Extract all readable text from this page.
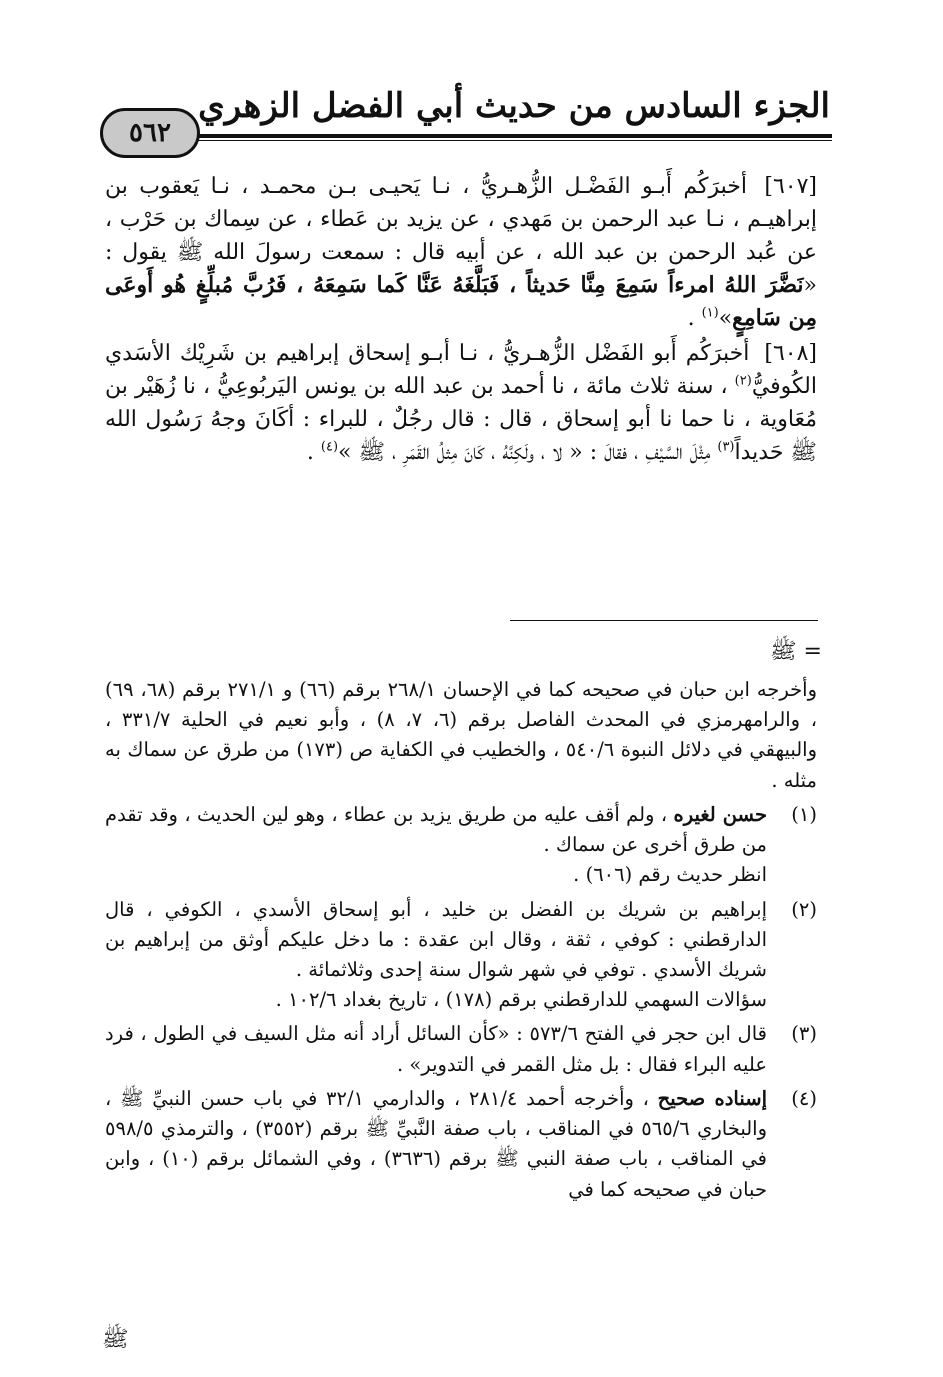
الجزء السادس من حديث أبي الفضل الزهري
٥٦٢

[٦٠٧] أخبرَكُم أَبـو الفَضْـل الزُّهـريُّ ، نـا يَحيـى بـن محمـد ، نـا يَعقوب بن إبراهيـم ، نـا عبد الرحمن بن مَهدي ، عن يزيد بن عَطاء ، عن سِماك بن حَرْب ، عن عُبد الرحمن بن عبد الله ، عن أبيه قال : سمعت رسولَ الله ﷺ يقول : «نَضَّرَ اللهُ امرءاً سَمِعَ مِنَّا حَديثاً ، فَبَلَّغَهُ عَنَّا كَما سَمِعَهُ ، فَرُبَّ مُبلِّغٍ هُو أَوعَى مِن سَامِعٍ»$^{(١)}$ .

[٦٠٨] أخبرَكُم أَبو الفَضْل الزُّهـريُّ ، نـا أبـو إسحاق إبراهيم بن شَرِيْك الأسَدي الكُوفيُّ$^{(٢)}$ ، سنة ثلاث مائة ، نا أحمد بن عبد الله بن يونس اليَربُوعِيُّ ، نا زُهَيْر بن مُعَاوية ، نا حما نا أبو إسحاق ، قال : قال رجُلٌ ، للبراء : أكَانَ وجهُ رَسُول الله ﷺ حَديداً$^{(٣)}$ مِثْلَ السَّيْفِ ، فقالَ : « لا ، ولَكِنَّهُ ، كَانَ مِثلُ القَمَرِ ، ﷺ »$^{(٤)}$ .

= ﷺ

وأخرجه ابن حبان في صحيحه كما في الإحسان ٢٦٨/١ برقم (٦٦) و ٢٧١/١ برقم (٦٨، ٦٩) ، والرامهرمزي في المحدث الفاصل برقم (٦، ٧، ٨) ، وأبو نعيم في الحلية ٣٣١/٧ ، والبيهقي في دلائل النبوة ٥٤٠/٦ ، والخطيب في الكفاية ص (١٧٣) من طرق عن سماك به مثله .

(١)

حسن لغيره ، ولم أقف عليه من طريق يزيد بن عطاء ، وهو لين الحديث ، وقد تقدم من طرق أخرى عن سماك .

انظر حديث رقم (٦٠٦) .

(٢)

إبراهيم بن شريك بن الفضل بن خليد ، أبو إسحاق الأسدي ، الكوفي ، قال الدارقطني : كوفي ، ثقة ، وقال ابن عقدة : ما دخل عليكم أوثق من إبراهيم بن شريك الأسدي . توفي في شهر شوال سنة إحدى وثلاثمائة .

سؤالات السهمي للدارقطني برقم (١٧٨) ، تاريخ بغداد ١٠٢/٦ .

(٣)

قال ابن حجر في الفتح ٥٧٣/٦ : «كأن السائل أراد أنه مثل السيف في الطول ، فرد عليه البراء فقال : بل مثل القمر في التدوير» .

(٤)

إسناده صحيح ، وأخرجه أحمد ٢٨١/٤ ، والدارمي ٣٢/١ في باب حسن النبيِّ ﷺ ، والبخاري ٥٦٥/٦ في المناقب ، باب صفة النَّبيِّ ﷺ برقم (٣٥٥٢) ، والترمذي ٥٩٨/٥ في المناقب ، باب صفة النبي ﷺ برقم (٣٦٣٦) ، وفي الشمائل برقم (١٠) ، وابن حبان في صحيحه كما في

ﷺ
